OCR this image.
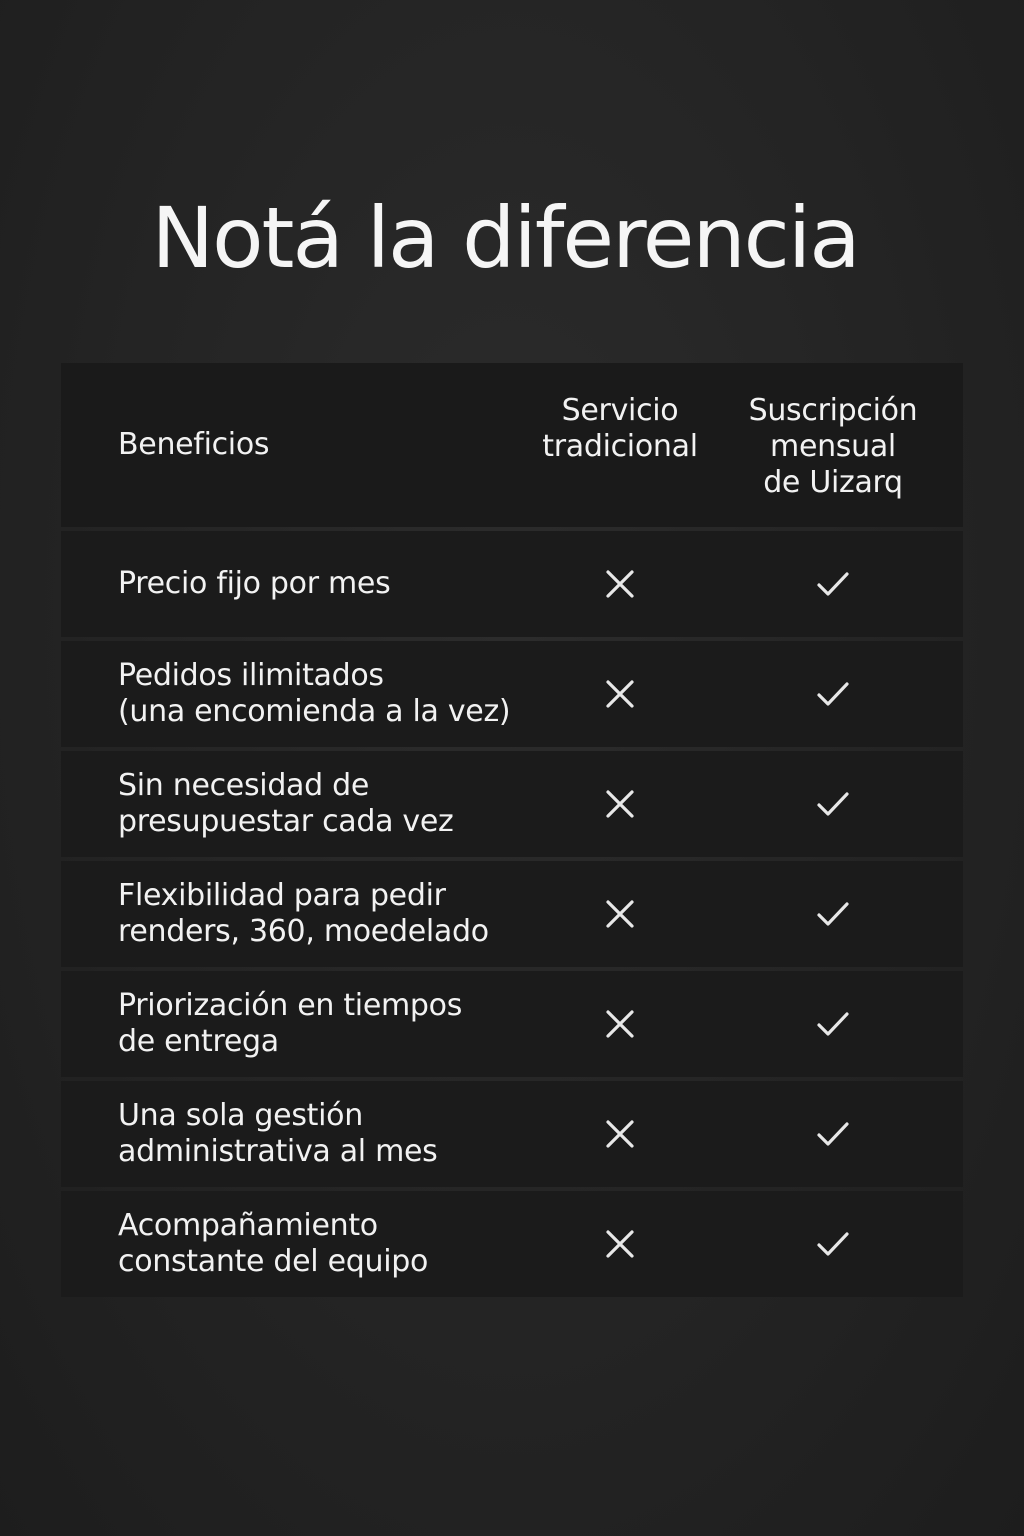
Notá la diferencia
Beneficios
Servicio
tradicional
Suscripción
mensual
de Uizarq
Precio fijo por mes
Pedidos ilimitados
(una encomienda a la vez)
Sin necesidad de
presupuestar cada vez
Flexibilidad para pedir
renders, 360, moedelado
Priorización en tiempos
de entrega
Una sola gestión
administrativa al mes
Acompañamiento
constante del equipo
